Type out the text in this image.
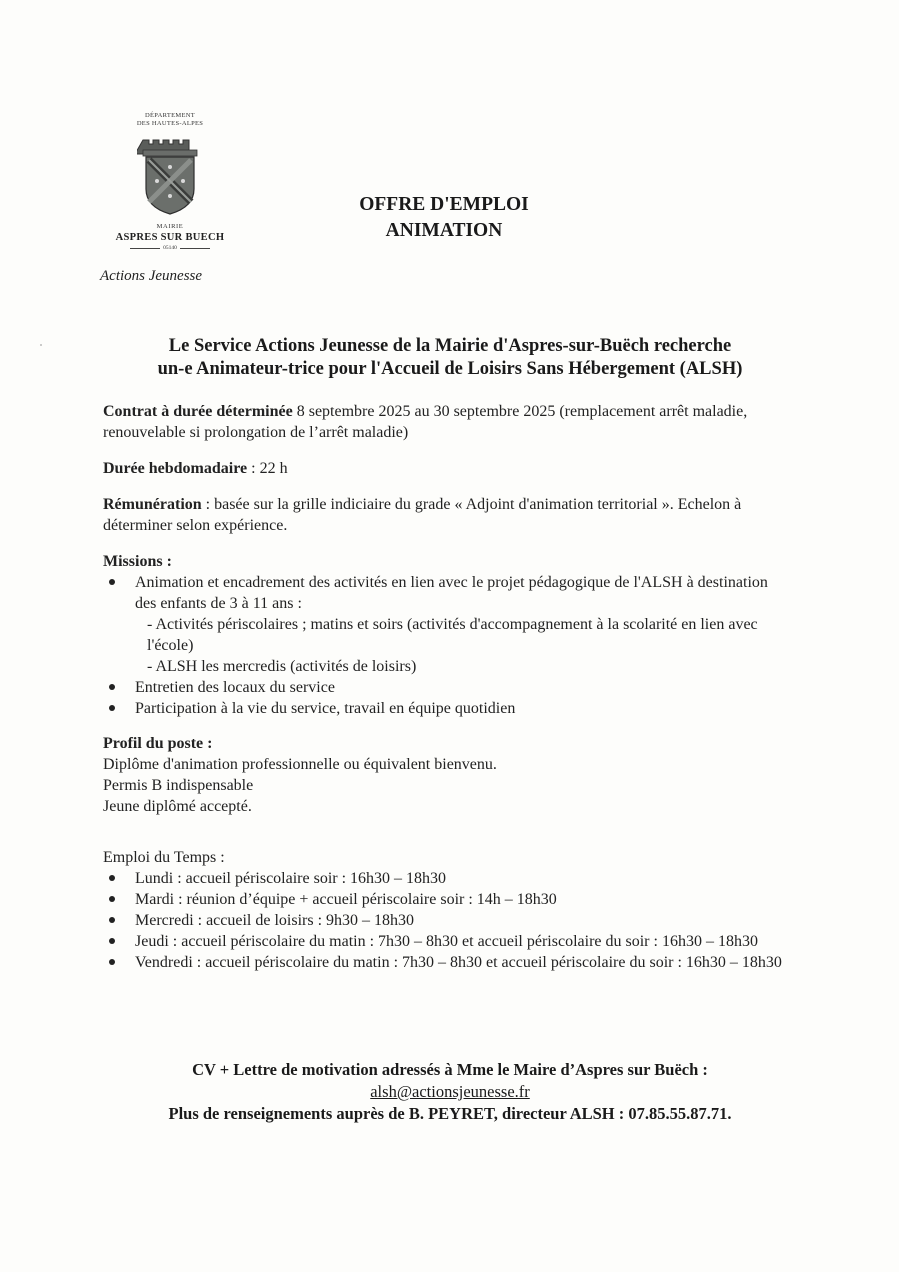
DÉPARTEMENT
DES HAUTES-ALPES
MAIRIE
ASPRES SUR BUECH
05140
Actions Jeunesse
OFFRE D'EMPLOI
ANIMATION
Le Service Actions Jeunesse de la Mairie d'Aspres-sur-Buëch recherche
un-e Animateur-trice pour l'Accueil de Loisirs Sans Hébergement (ALSH)

Contrat à durée déterminée 8 septembre 2025 au 30 septembre 2025 (remplacement arrêt maladie, renouvelable si prolongation de l’arrêt maladie)

Durée hebdomadaire : 22 h

Rémunération : basée sur la grille indiciaire du grade « Adjoint d'animation territorial ». Echelon à déterminer selon expérience.

Missions :
Animation et encadrement des activités en lien avec le projet pédagogique de l'ALSH à destination des enfants de 3 à 11 ans :
- Activités périscolaires ; matins et soirs (activités d'accompagnement à la scolarité en lien avec l'école)
- ALSH les mercredis (activités de loisirs)
Entretien des locaux du service
Participation à la vie du service, travail en équipe quotidien
Profil du poste :
Diplôme d'animation professionnelle ou équivalent bienvenu.
Permis B indispensable
Jeune diplômé accepté.
Emploi du Temps :
Lundi : accueil périscolaire soir : 16h30 – 18h30
Mardi : réunion d’équipe + accueil périscolaire soir : 14h – 18h30
Mercredi : accueil de loisirs : 9h30 – 18h30
Jeudi : accueil périscolaire du matin : 7h30 – 8h30 et accueil périscolaire du soir : 16h30 – 18h30
Vendredi : accueil périscolaire du matin : 7h30 – 8h30 et accueil périscolaire du soir : 16h30 – 18h30
CV + Lettre de motivation adressés à Mme le Maire d’Aspres sur Buëch :
alsh@actionsjeunesse.fr
Plus de renseignements auprès de B. PEYRET, directeur ALSH : 07.85.55.87.71.
